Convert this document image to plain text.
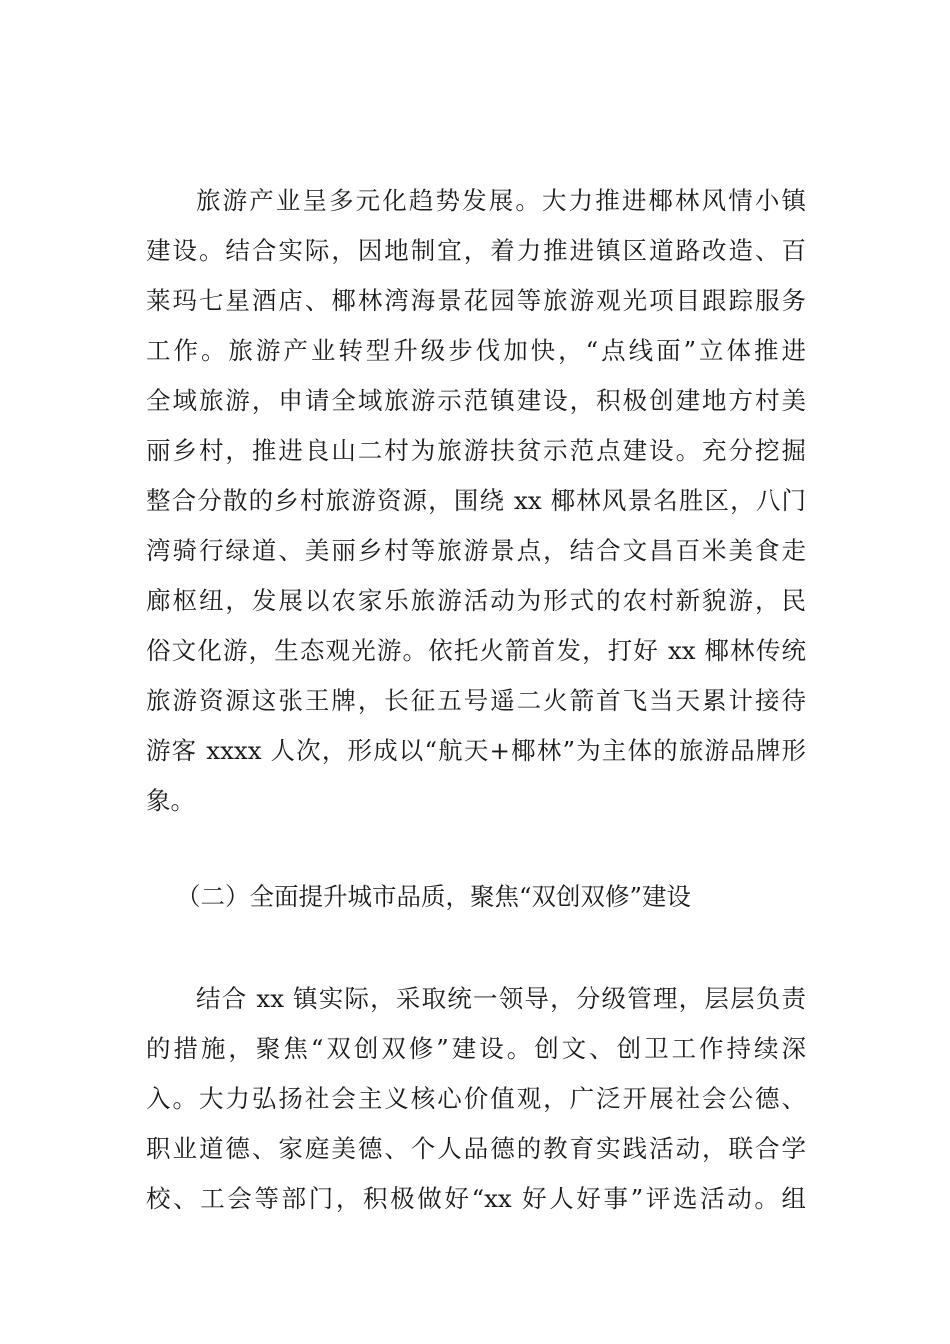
旅游产业呈多元化趋势发展。大力推进椰林风情小镇
建设。结合实际，因地制宜，着力推进镇区道路改造、百
莱玛七星酒店、椰林湾海景花园等旅游观光项目跟踪服务
工作。旅游产业转型升级步伐加快，“点线面”立体推进
全域旅游，申请全域旅游示范镇建设，积极创建地方村美
丽乡村，推进良山二村为旅游扶贫示范点建设。充分挖掘
整合分散的乡村旅游资源，围绕 xx 椰林风景名胜区，八门
湾骑行绿道、美丽乡村等旅游景点，结合文昌百米美食走
廊枢纽，发展以农家乐旅游活动为形式的农村新貌游，民
俗文化游，生态观光游。依托火箭首发，打好 xx 椰林传统
旅游资源这张王牌，长征五号遥二火箭首飞当天累计接待
游客 xxxx 人次，形成以“航天+椰林”为主体的旅游品牌形
象。
（二）全面提升城市品质，聚焦“双创双修”建设
结合 xx 镇实际，采取统一领导，分级管理，层层负责
的措施，聚焦“双创双修”建设。创文、创卫工作持续深
入。大力弘扬社会主义核心价值观，广泛开展社会公德、
职业道德、家庭美德、个人品德的教育实践活动，联合学
校、工会等部门，积极做好“xx 好人好事”评选活动。组
